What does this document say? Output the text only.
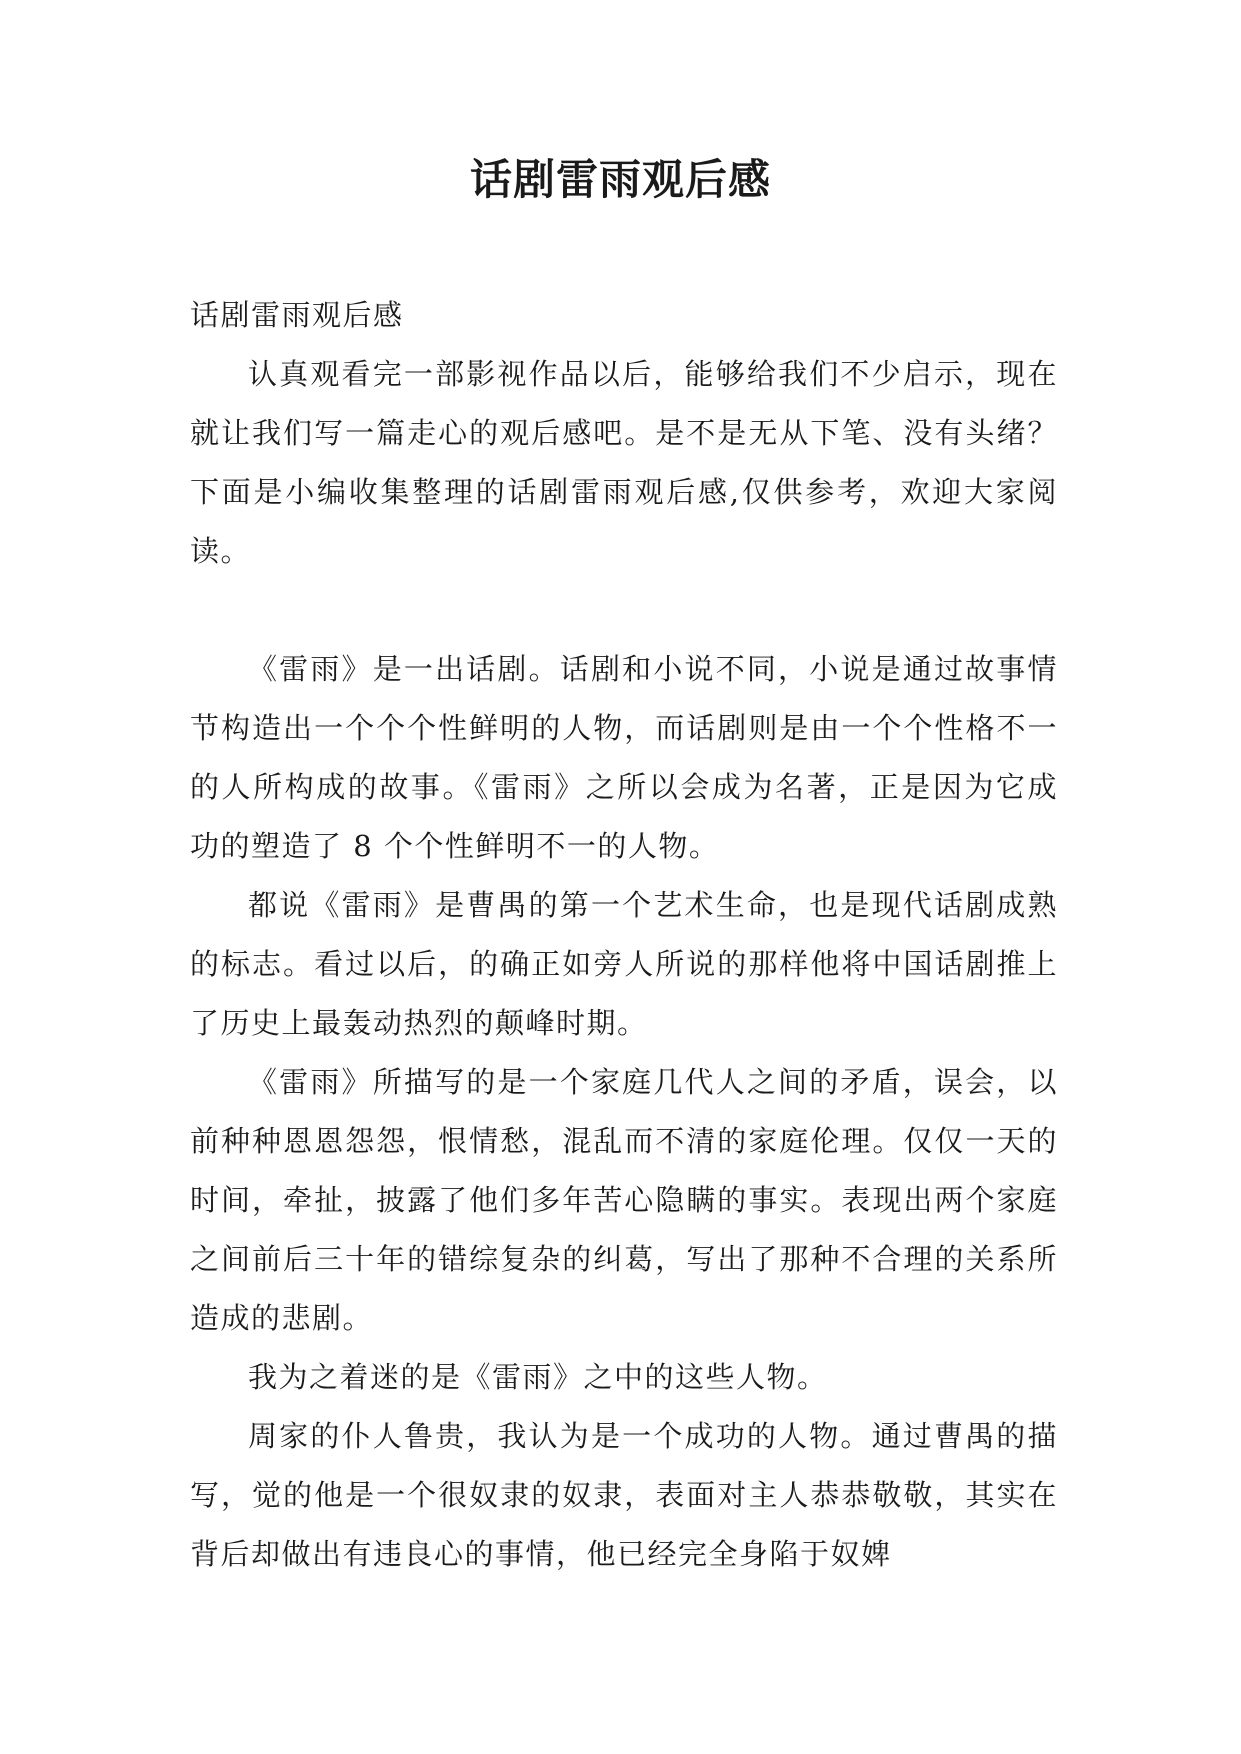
话剧雷雨观后感

话剧雷雨观后感

认真观看完一部影视作品以后，能够给我们不少启示，现在就让我们写一篇走心的观后感吧。是不是无从下笔、没有头绪？下面是小编收集整理的话剧雷雨观后感,仅供参考，欢迎大家阅读。

《雷雨》是一出话剧。话剧和小说不同，小说是通过故事情节构造出一个个个性鲜明的人物，而话剧则是由一个个性格不一的人所构成的故事。《雷雨》之所以会成为名著，正是因为它成功的塑造了 8 个个性鲜明不一的人物。

都说《雷雨》是曹禺的第一个艺术生命，也是现代话剧成熟的标志。看过以后，的确正如旁人所说的那样他将中国话剧推上了历史上最轰动热烈的颠峰时期。

《雷雨》所描写的是一个家庭几代人之间的矛盾，误会，以前种种恩恩怨怨，恨情愁，混乱而不清的家庭伦理。仅仅一天的时间，牵扯，披露了他们多年苦心隐瞒的事实。表现出两个家庭之间前后三十年的错综复杂的纠葛，写出了那种不合理的关系所造成的悲剧。

我为之着迷的是《雷雨》之中的这些人物。

周家的仆人鲁贵，我认为是一个成功的人物。通过曹禺的描写，觉的他是一个很奴隶的奴隶，表面对主人恭恭敬敬，其实在背后却做出有违良心的事情，他已经完全身陷于奴婢
